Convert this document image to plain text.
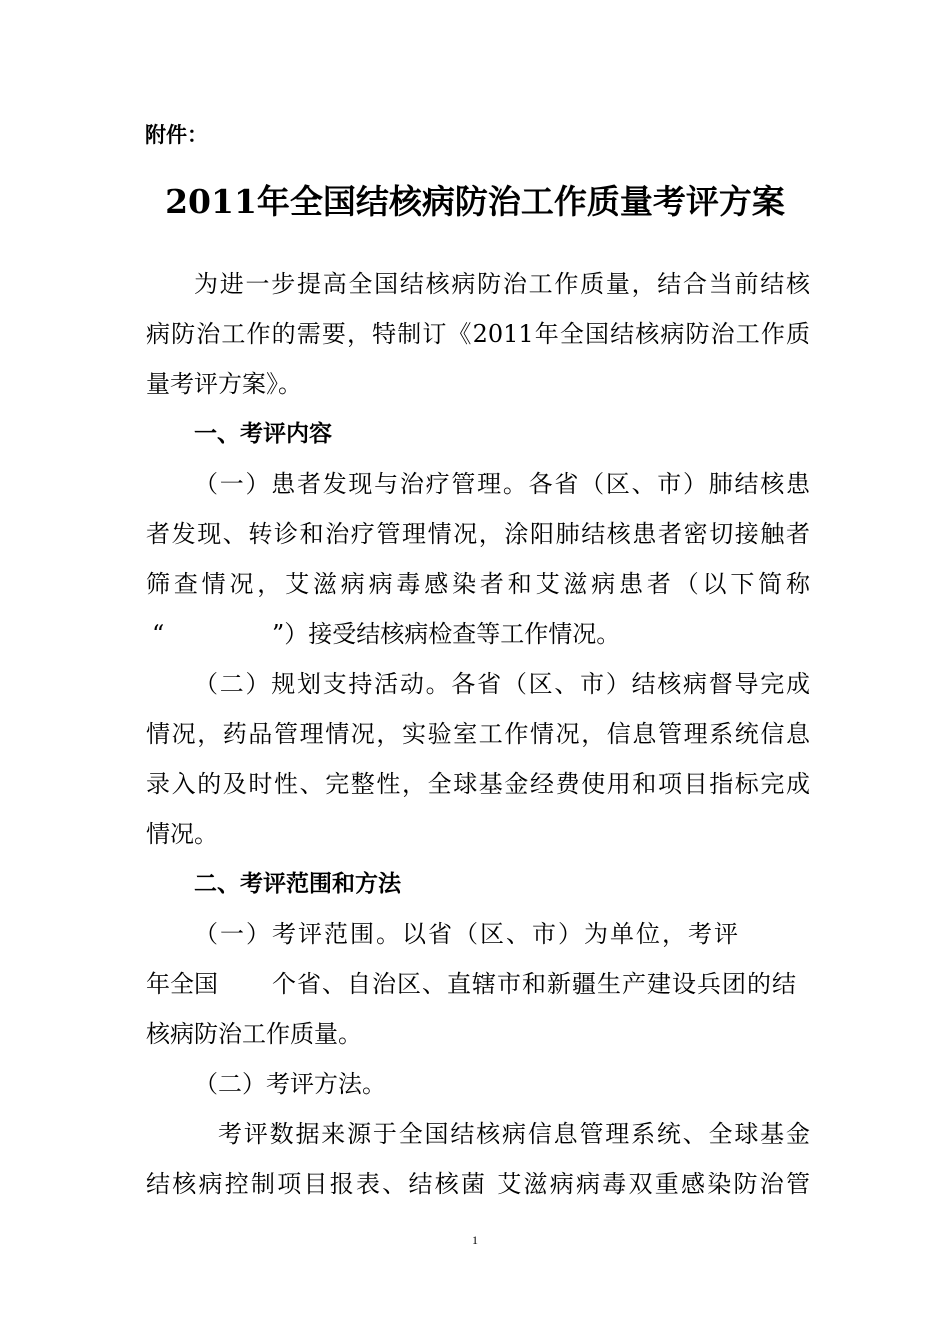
附件：
2011年全国结核病防治工作质量考评方案
为进一步提高全国结核病防治工作质量，结合当前结核
病防治工作的需要，特制订《2011年全国结核病防治工作质
量考评方案》。
一、考评内容
（一）患者发现与治疗管理。各省（区、市）肺结核患
者发现、转诊和治疗管理情况，涂阳肺结核患者密切接触者
筛查情况，艾滋病病毒感染者和艾滋病患者（以下简称
“	”）接受结核病检查等工作情况。
（二）规划支持活动。各省（区、市）结核病督导完成
情况，药品管理情况，实验室工作情况，信息管理系统信息
录入的及时性、完整性，全球基金经费使用和项目指标完成
情况。
二、考评范围和方法
（一）考评范围。以省（区、市）为单位，考评
年全国 个省、自治区、直辖市和新疆生产建设兵团的结
核病防治工作质量。
（二）考评方法。
考评数据来源于全国结核病信息管理系统、全球基金
结核病控制项目报表、结核菌 艾滋病病毒双重感染防治管
1
